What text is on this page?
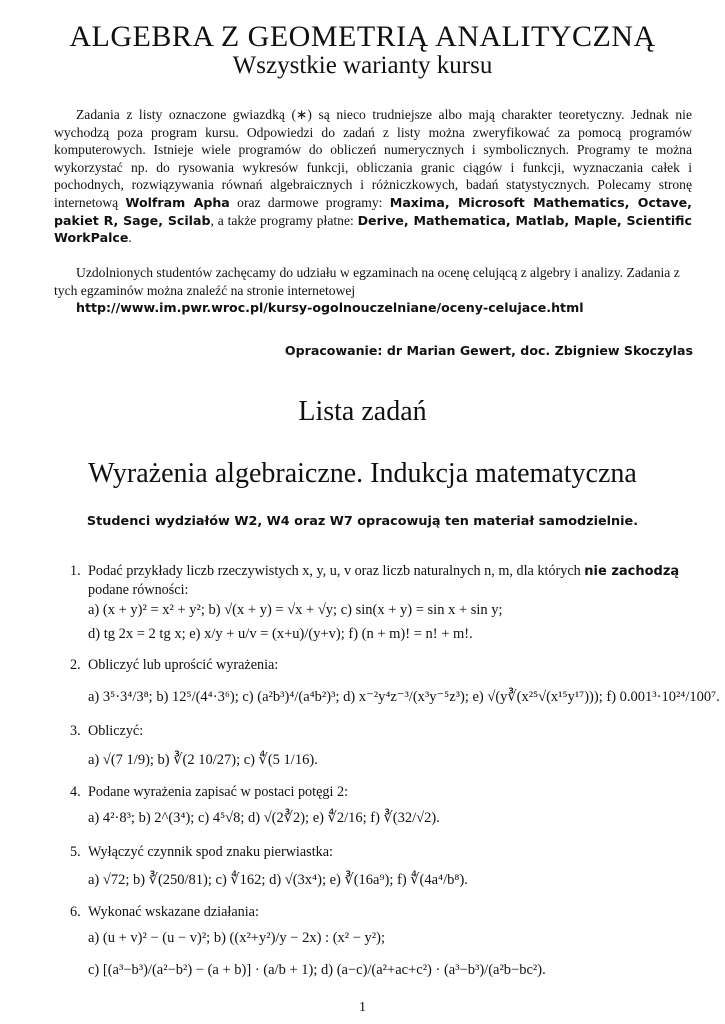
ALGEBRA Z GEOMETRIĄ ANALITYCZNĄ
Wszystkie warianty kursu
Zadania z listy oznaczone gwiazdką (∗) są nieco trudniejsze albo mają charakter teoretyczny. Jednak nie wychodzą poza program kursu. Odpowiedzi do zadań z listy można zweryfikować za pomocą programów komputerowych. Istnieje wiele programów do obliczeń numerycznych i symbolicznych. Programy te można wykorzystać np. do rysowania wykresów funkcji, obliczania granic ciągów i funkcji, wyznaczania całek i pochodnych, rozwiązywania równań algebraicznych i różniczkowych, badań statystycznych. Polecamy stronę internetową Wolfram Apha oraz darmowe programy: Maxima, Microsoft Mathematics, Octave, pakiet R, Sage, Scilab, a także programy płatne: Derive, Mathematica, Matlab, Maple, Scientific WorkPalce.
Uzdolnionych studentów zachęcamy do udziału w egzaminach na ocenę celującą z algebry i analizy. Zadania z tych egzaminów można znaleźć na stronie internetowej
http://www.im.pwr.wroc.pl/kursy-ogolnouczelniane/oceny-celujace.html
Opracowanie: dr Marian Gewert, doc. Zbigniew Skoczylas
Lista zadań
Wyrażenia algebraiczne. Indukcja matematyczna
Studenci wydziałów W2, W4 oraz W7 opracowują ten materiał samodzielnie.
1. Podać przykłady liczb rzeczywistych x, y, u, v oraz liczb naturalnych n, m, dla których nie zachodzą podane równości:
a) (x + y)² = x² + y²; b) √(x + y) = √x + √y; c) sin(x + y) = sin x + sin y;
d) tg 2x = 2 tg x; e) x/y + u/v = (x+u)/(y+v); f) (n + m)! = n! + m!.
2. Obliczyć lub uprościć wyrażenia:
a) 3⁵·3⁴/3⁸; b) 12⁵/(4⁴·3⁶); c) (a²b³)⁴/(a⁴b²)³; d) x⁻²y⁴z⁻³/(x³y⁻⁵z³); e) √(y∛(x²⁵√(x¹⁵y¹⁷))); f) 0.001³·10²⁴/100⁷.
3. Obliczyć:
a) √(7 1/9); b) ∛(2 10/27); c) ∜(5 1/16).
4. Podane wyrażenia zapisać w postaci potęgi 2:
a) 4²·8³; b) 2^(3⁴); c) 4⁵√8; d) √(2∛2); e) ∜2/16; f) ∛(32/√2).
5. Wyłączyć czynnik spod znaku pierwiastka:
a) √72; b) ∛(250/81); c) ∜162; d) √(3x⁴); e) ∛(16a⁹); f) ∜(4a⁴/b⁸).
6. Wykonać wskazane działania:
a) (u + v)² − (u − v)²; b) ((x²+y²)/y − 2x) : (x² − y²);
c) [(a³−b³)/(a²−b²) − (a + b)] · (a/b + 1); d) (a−c)/(a²+ac+c²) · (a³−b³)/(a²b−bc²).
1
